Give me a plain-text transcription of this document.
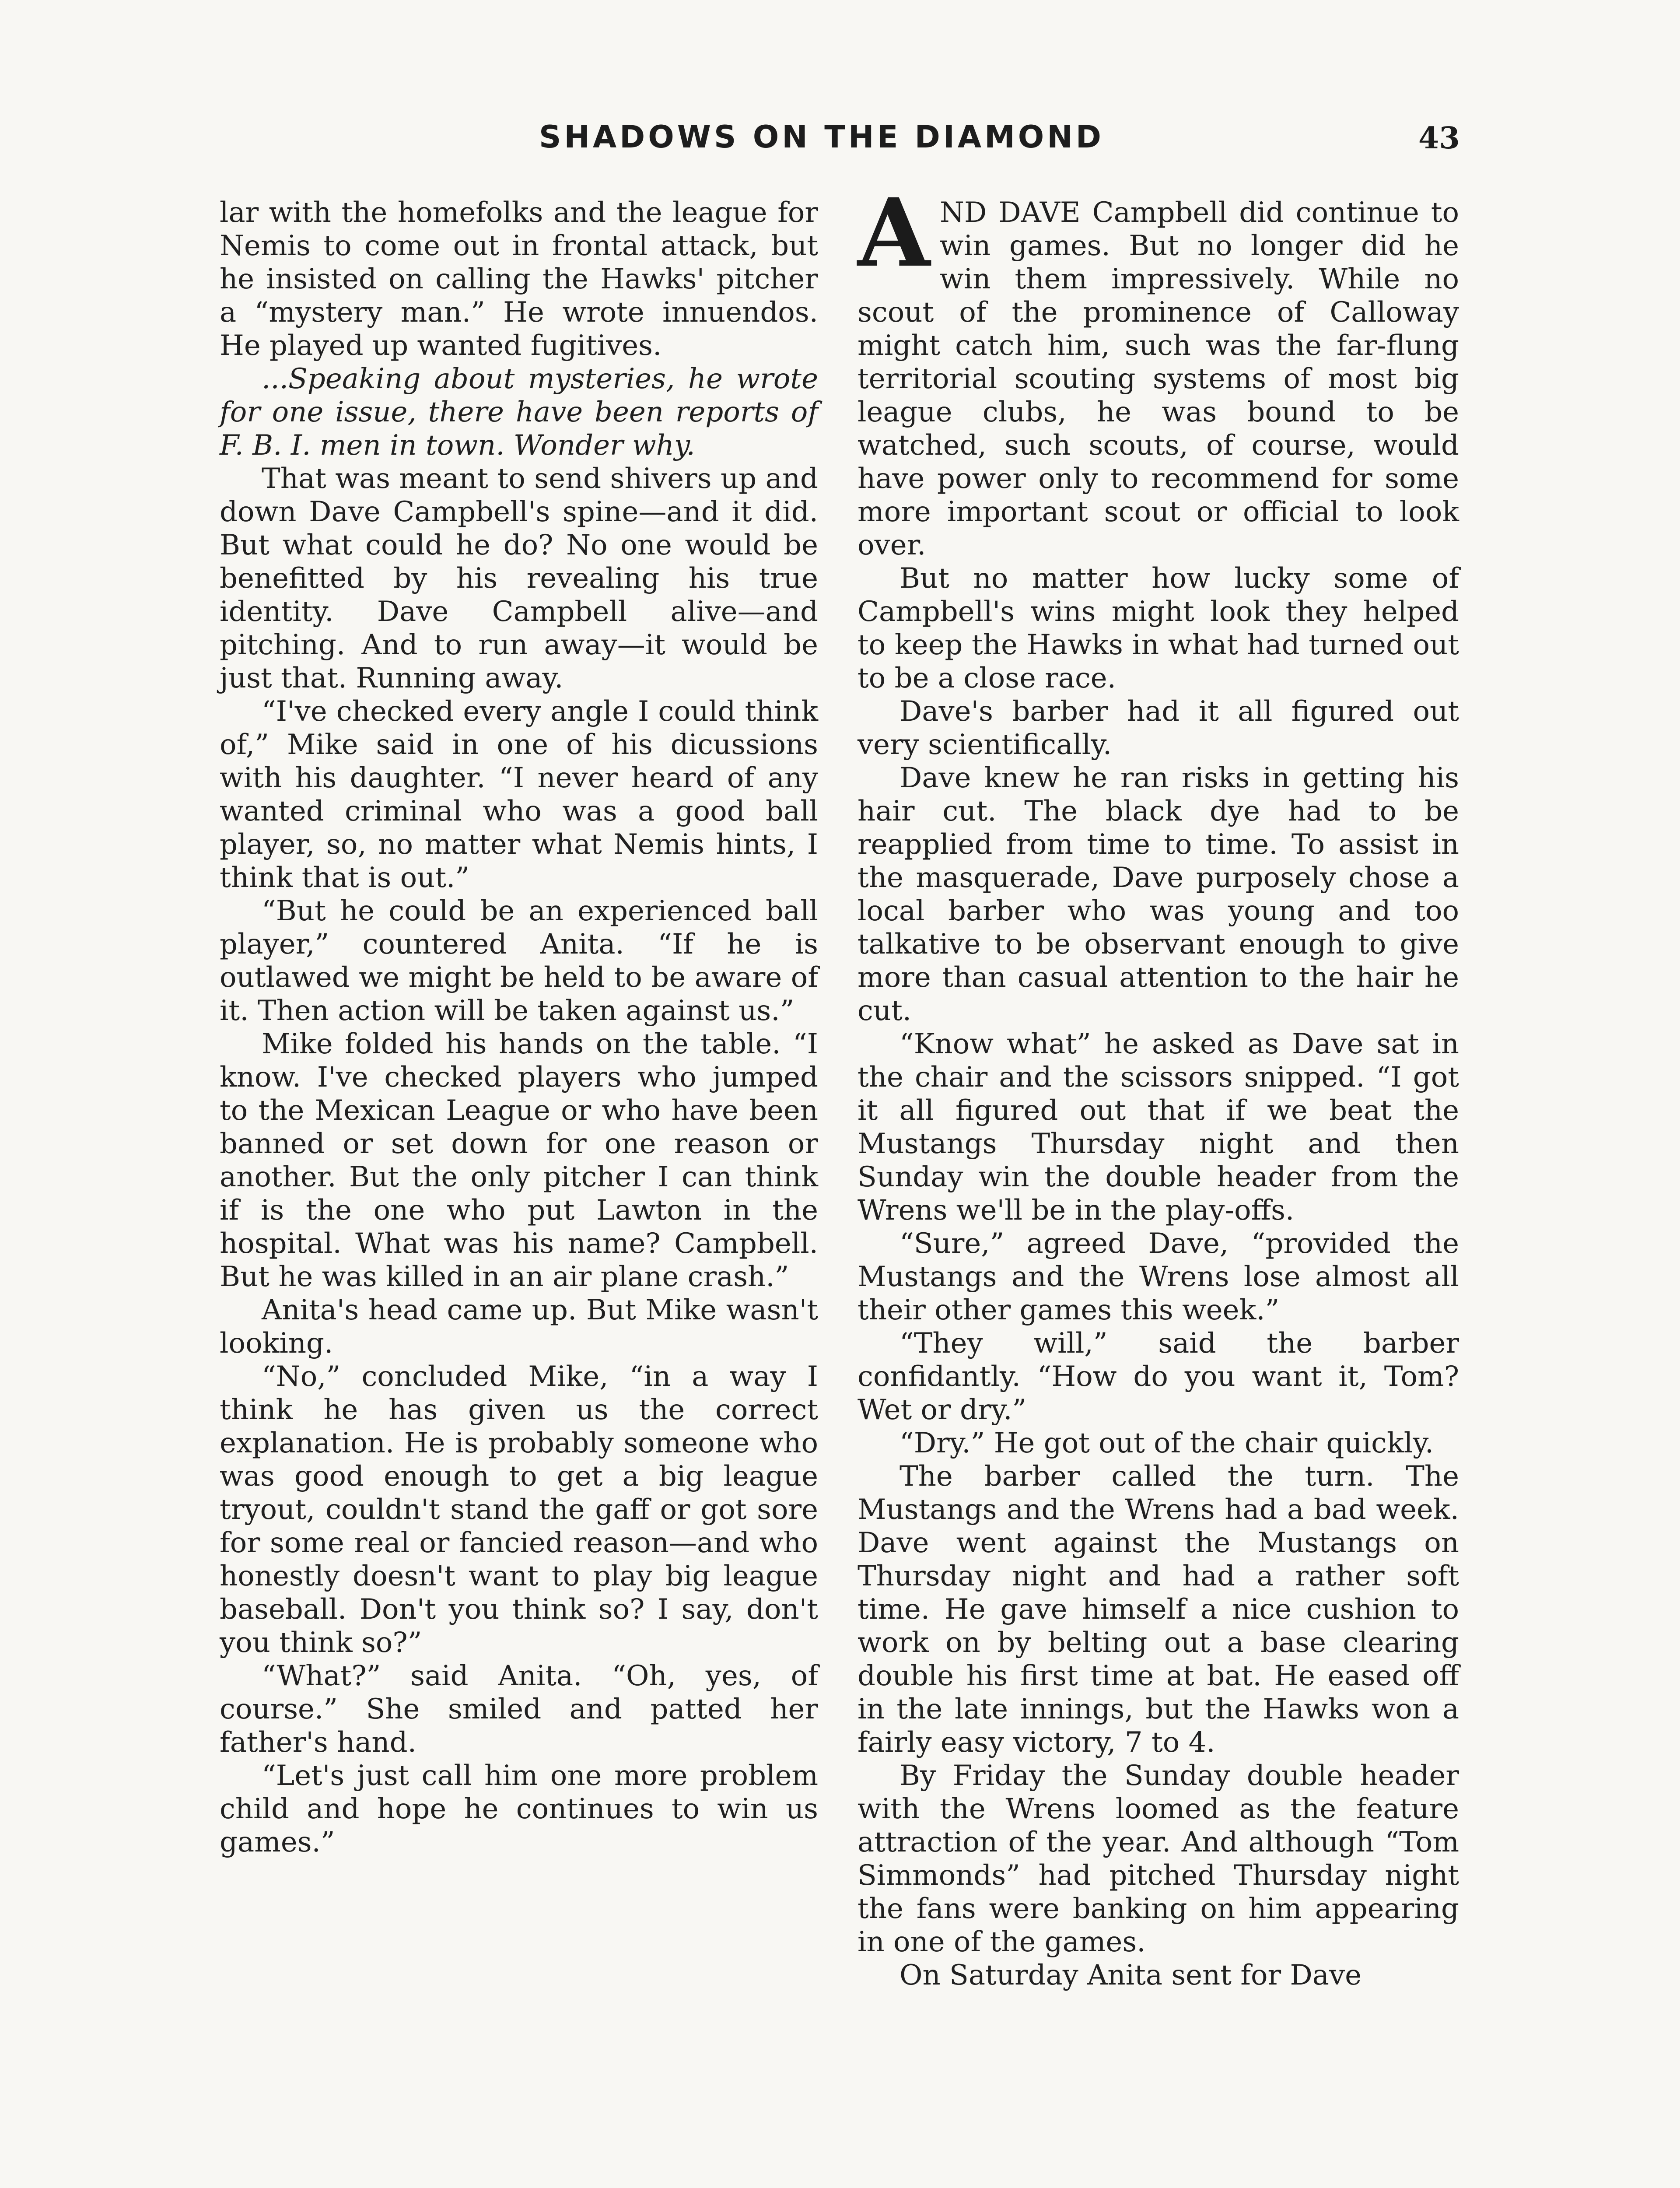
SHADOWS ON THE DIAMOND	43

lar with the homefolks and the league for Nemis to come out in frontal attack, but he insisted on calling the Hawks' pitcher a “mystery man.” He wrote innuendos. He played up wanted fugitives.

...Speaking about mysteries, he wrote for one issue, there have been reports of F. B. I. men in town. Wonder why.

That was meant to send shivers up and down Dave Campbell's spine—and it did. But what could he do? No one would be benefitted by his revealing his true identity. Dave Campbell alive—and pitching. And to run away—it would be just that. Running away.

“I've checked every angle I could think of,” Mike said in one of his dicussions with his daughter. “I never heard of any wanted criminal who was a good ball player, so, no matter what Nemis hints, I think that is out.”

“But he could be an experienced ball player,” countered Anita. “If he is outlawed we might be held to be aware of it. Then action will be taken against us.”

Mike folded his hands on the table. “I know. I've checked players who jumped to the Mexican League or who have been banned or set down for one reason or another. But the only pitcher I can think if is the one who put Lawton in the hospital. What was his name? Campbell. But he was killed in an air plane crash.”

Anita's head came up. But Mike wasn't looking.

“No,” concluded Mike, “in a way I think he has given us the correct explanation. He is probably someone who was good enough to get a big league tryout, couldn't stand the gaff or got sore for some real or fancied reason—and who honestly doesn't want to play big league baseball. Don't you think so? I say, don't you think so?”

“What?” said Anita. “Oh, yes, of course.” She smiled and patted her father's hand.

“Let's just call him one more problem child and hope he continues to win us games.”

AND DAVE Campbell did continue to win games. But no longer did he win them impressively. While no scout of the prominence of Calloway might catch him, such was the far-flung territorial scouting systems of most big league clubs, he was bound to be watched, such scouts, of course, would have power only to recommend for some more important scout or official to look over.

But no matter how lucky some of Campbell's wins might look they helped to keep the Hawks in what had turned out to be a close race.

Dave's barber had it all figured out very scientifically.

Dave knew he ran risks in getting his hair cut. The black dye had to be reapplied from time to time. To assist in the masquerade, Dave purposely chose a local barber who was young and too talkative to be observant enough to give more than casual attention to the hair he cut.

“Know what” he asked as Dave sat in the chair and the scissors snipped. “I got it all figured out that if we beat the Mustangs Thursday night and then Sunday win the double header from the Wrens we'll be in the play-offs.

“Sure,” agreed Dave, “provided the Mustangs and the Wrens lose almost all their other games this week.”

“They will,” said the barber confidantly. “How do you want it, Tom? Wet or dry.”

“Dry.” He got out of the chair quickly.

The barber called the turn. The Mustangs and the Wrens had a bad week. Dave went against the Mustangs on Thursday night and had a rather soft time. He gave himself a nice cushion to work on by belting out a base clearing double his first time at bat. He eased off in the late innings, but the Hawks won a fairly easy victory, 7 to 4.

By Friday the Sunday double header with the Wrens loomed as the feature attraction of the year. And although “Tom Simmonds” had pitched Thursday night the fans were banking on him appearing in one of the games.

On Saturday Anita sent for Dave
